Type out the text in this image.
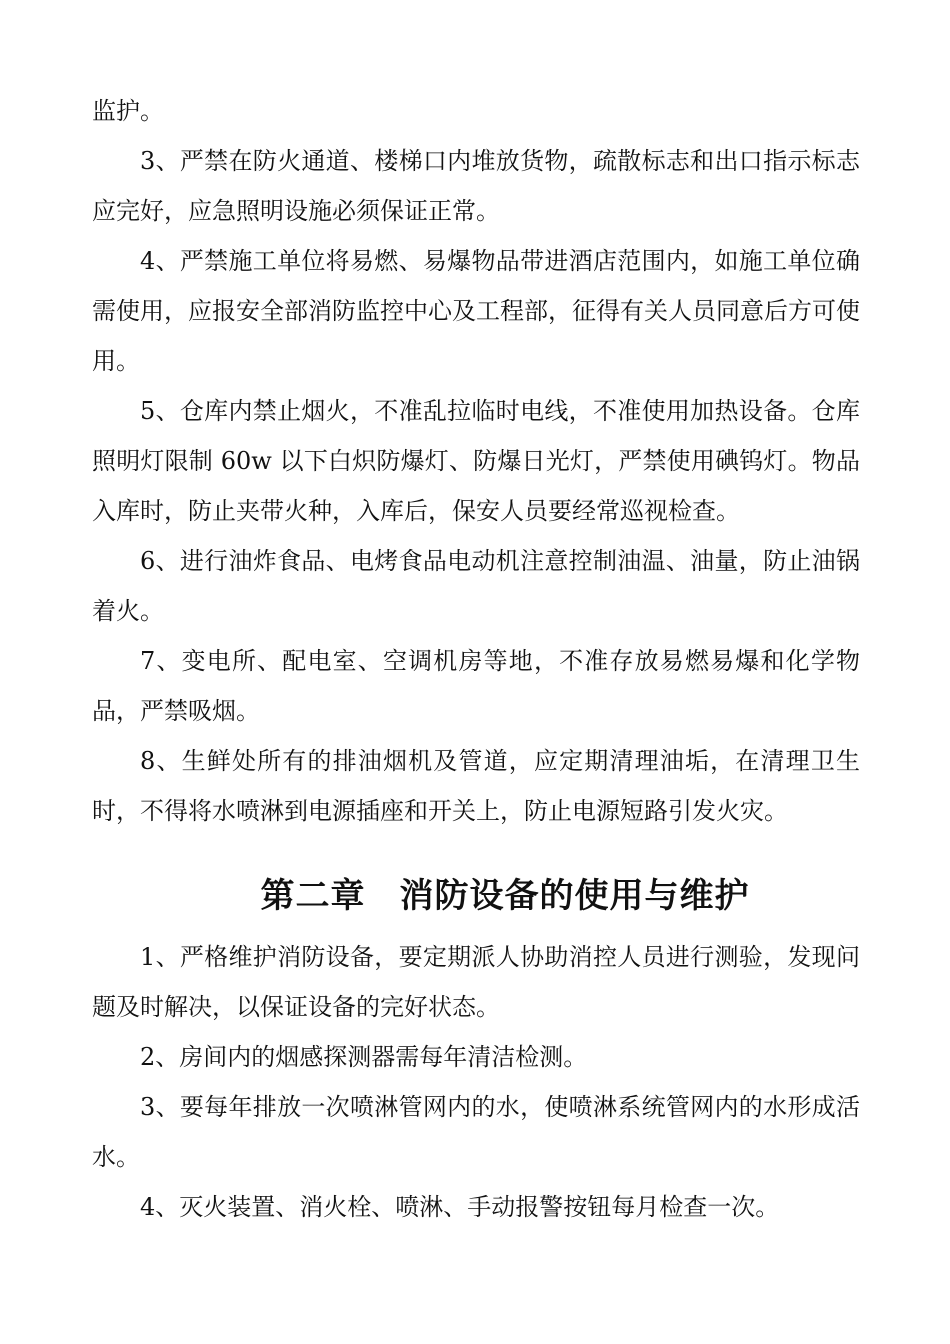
监护。

3、严禁在防火通道、楼梯口内堆放货物，疏散标志和出口指示标志应完好，应急照明设施必须保证正常。

4、严禁施工单位将易燃、易爆物品带进酒店范围内，如施工单位确需使用，应报安全部消防监控中心及工程部，征得有关人员同意后方可使用。

5、仓库内禁止烟火，不准乱拉临时电线，不准使用加热设备。仓库照明灯限制 60w 以下白炽防爆灯、防爆日光灯，严禁使用碘钨灯。物品入库时，防止夹带火种，入库后，保安人员要经常巡视检查。

6、进行油炸食品、电烤食品电动机注意控制油温、油量，防止油锅着火。

7、变电所、配电室、空调机房等地，不准存放易燃易爆和化学物品，严禁吸烟。

8、生鲜处所有的排油烟机及管道，应定期清理油垢，在清理卫生时，不得将水喷淋到电源插座和开关上，防止电源短路引发火灾。

第二章 消防设备的使用与维护

1、严格维护消防设备，要定期派人协助消控人员进行测验，发现问题及时解决，以保证设备的完好状态。

2、房间内的烟感探测器需每年清洁检测。

3、要每年排放一次喷淋管网内的水，使喷淋系统管网内的水形成活水。

4、灭火装置、消火栓、喷淋、手动报警按钮每月检查一次。
